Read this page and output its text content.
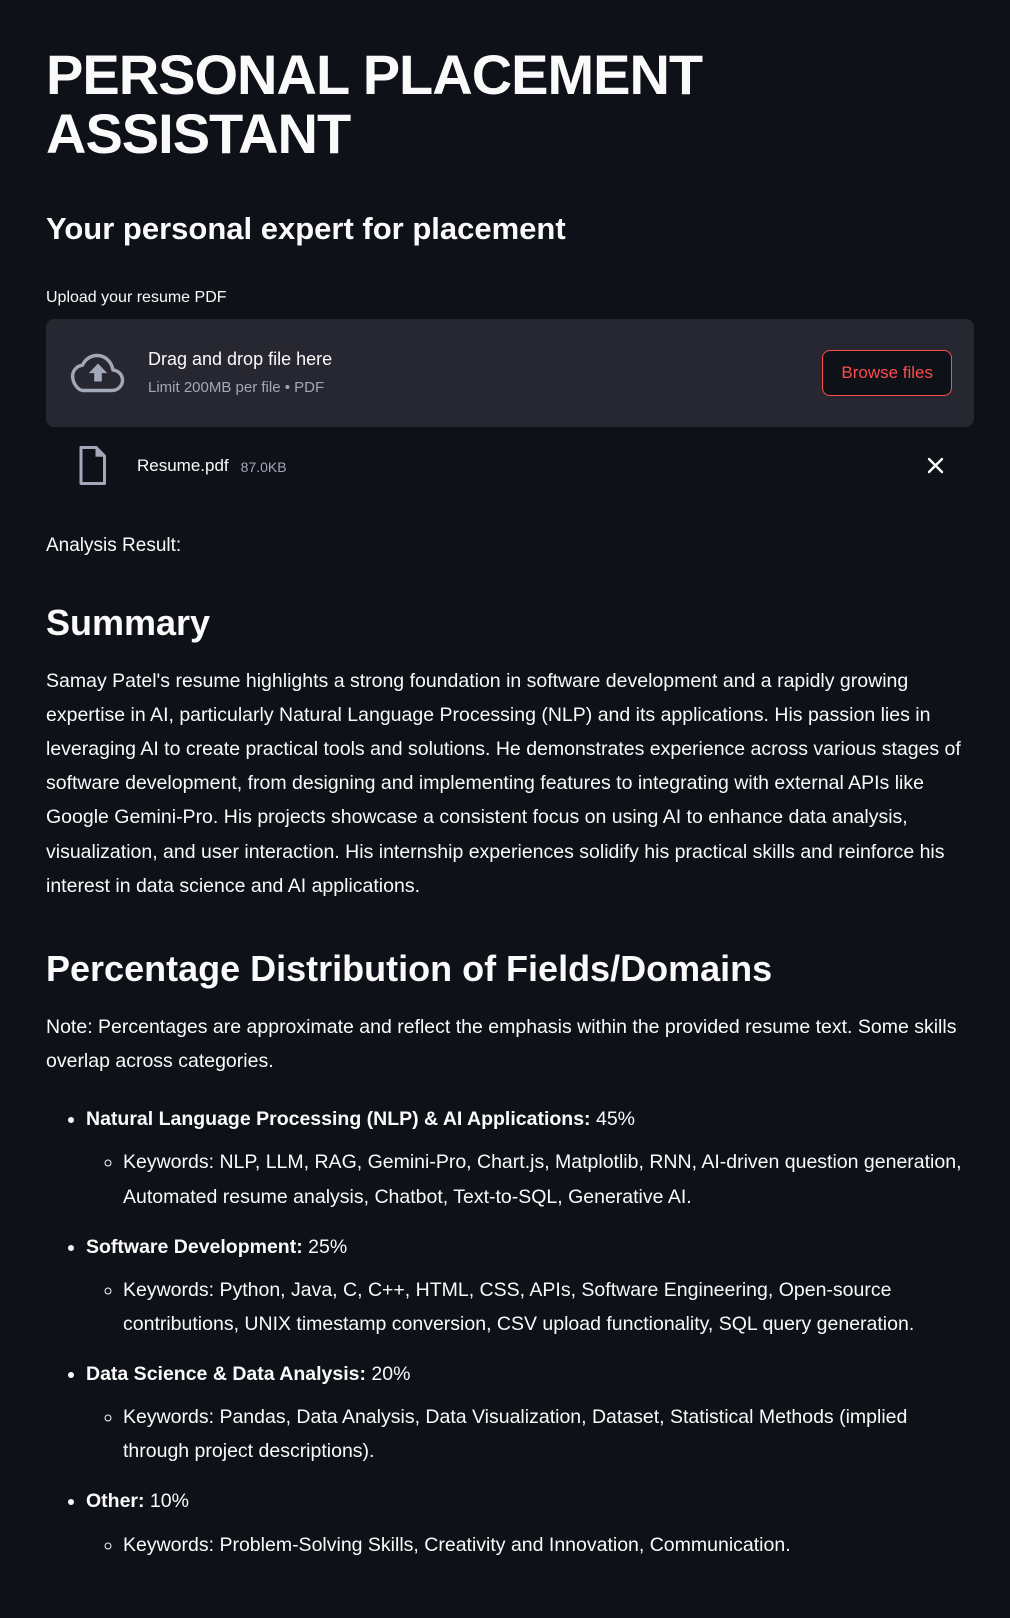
PERSONAL PLACEMENT ASSISTANT
Your personal expert for placement
Upload your resume PDF
Drag and drop file here
Limit 200MB per file • PDF
Browse files
Resume.pdf 87.0KB

Analysis Result:

Summary

Samay Patel's resume highlights a strong foundation in software development and a rapidly growing expertise in AI, particularly Natural Language Processing (NLP) and its applications. His passion lies in leveraging AI to create practical tools and solutions. He demonstrates experience across various stages of software development, from designing and implementing features to integrating with external APIs like Google Gemini-Pro. His projects showcase a consistent focus on using AI to enhance data analysis, visualization, and user interaction. His internship experiences solidify his practical skills and reinforce his interest in data science and AI applications.

Percentage Distribution of Fields/Domains

Note: Percentages are approximate and reflect the emphasis within the provided resume text. Some skills overlap across categories.

• Natural Language Processing (NLP) & AI Applications: 45%
◦ Keywords: NLP, LLM, RAG, Gemini-Pro, Chart.js, Matplotlib, RNN, AI-driven question generation, Automated resume analysis, Chatbot, Text-to-SQL, Generative AI.
• Software Development: 25%
◦ Keywords: Python, Java, C, C++, HTML, CSS, APIs, Software Engineering, Open-source contributions, UNIX timestamp conversion, CSV upload functionality, SQL query generation.
• Data Science & Data Analysis: 20%
◦ Keywords: Pandas, Data Analysis, Data Visualization, Dataset, Statistical Methods (implied through project descriptions).
• Other: 10%
◦ Keywords: Problem-Solving Skills, Creativity and Innovation, Communication.
